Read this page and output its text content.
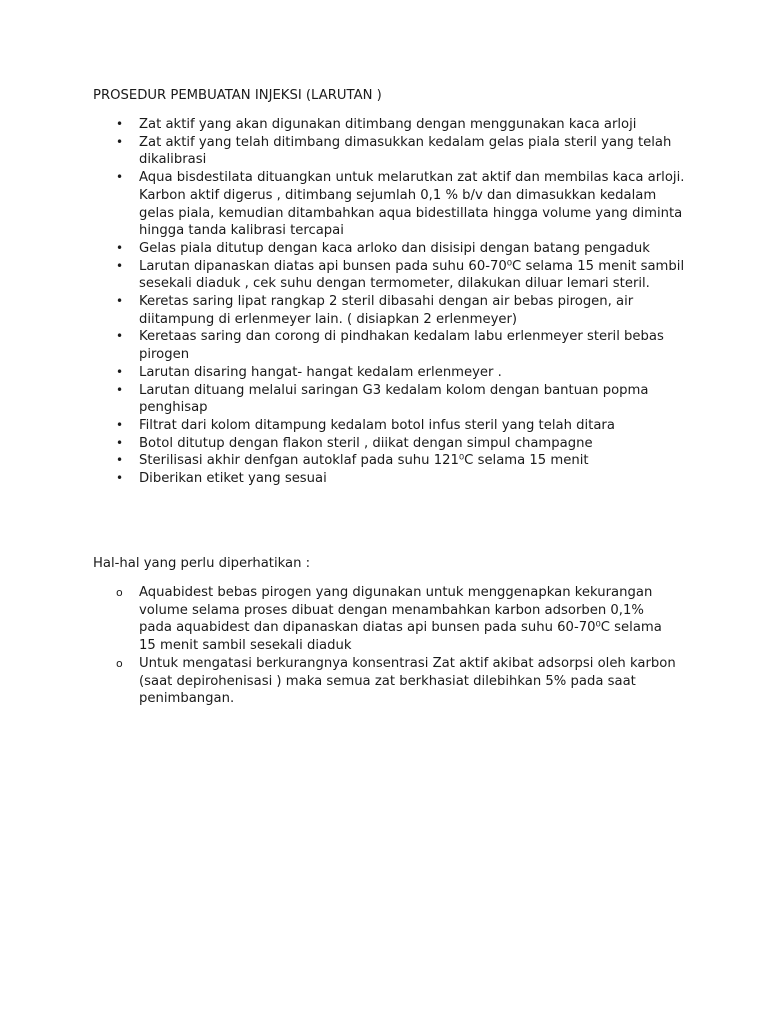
PROSEDUR PEMBUATAN INJEKSI (LARUTAN )
• Zat aktif yang akan digunakan ditimbang dengan menggunakan kaca arloji
• Zat aktif yang telah ditimbang dimasukkan kedalam gelas piala steril yang telah dikalibrasi
• Aqua bisdestilata dituangkan untuk melarutkan zat aktif dan membilas kaca arloji. Karbon aktif digerus , ditimbang sejumlah 0,1 % b/v dan dimasukkan kedalam gelas piala, kemudian ditambahkan aqua bidestillata hingga volume yang diminta hingga tanda kalibrasi tercapai
• Gelas piala ditutup dengan kaca arloko dan disisipi dengan batang pengaduk
• Larutan dipanaskan diatas api bunsen pada suhu 60-70⁰C selama 15 menit sambil sesekali diaduk , cek suhu dengan termometer, dilakukan diluar lemari steril.
• Keretas saring lipat rangkap 2 steril dibasahi dengan air bebas pirogen, air diitampung di erlenmeyer lain. ( disiapkan 2 erlenmeyer)
• Keretaas saring dan corong di pindhakan kedalam labu erlenmeyer steril bebas pirogen
• Larutan disaring hangat- hangat kedalam erlenmeyer .
• Larutan dituang melalui saringan G3 kedalam kolom dengan bantuan popma penghisap
• Filtrat dari kolom ditampung kedalam botol infus steril yang telah ditara
• Botol ditutup dengan flakon steril , diikat dengan simpul champagne
• Sterilisasi akhir denfgan autoklaf pada suhu 121⁰C selama 15 menit
• Diberikan etiket yang sesuai

Hal-hal yang perlu diperhatikan :

o Aquabidest bebas pirogen yang digunakan untuk menggenapkan kekurangan volume selama proses dibuat dengan menambahkan karbon adsorben 0,1% pada aquabidest dan dipanaskan diatas api bunsen pada suhu 60-70⁰C selama 15 menit sambil sesekali diaduk
o Untuk mengatasi berkurangnya konsentrasi Zat aktif akibat adsorpsi oleh karbon (saat depirohenisasi ) maka semua zat berkhasiat dilebihkan 5% pada saat penimbangan.
